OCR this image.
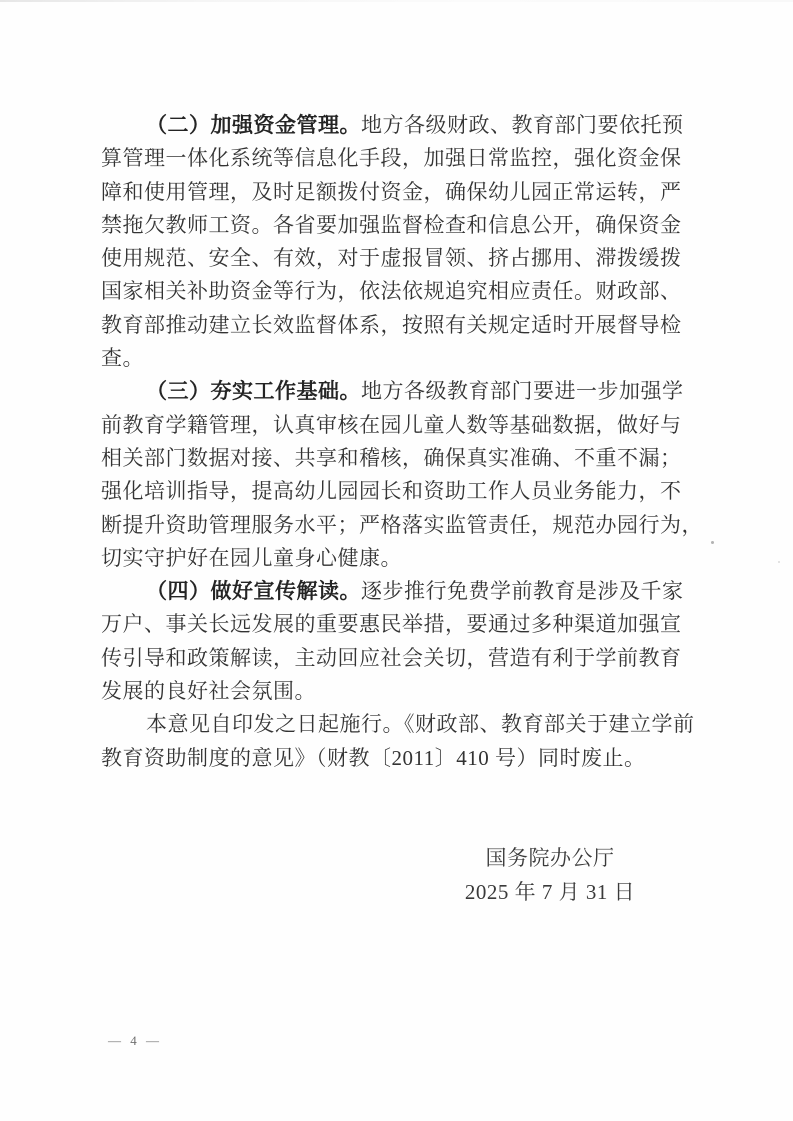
（二）加强资金管理。地方各级财政、教育部门要依托预
算管理一体化系统等信息化手段，加强日常监控，强化资金保
障和使用管理，及时足额拨付资金，确保幼儿园正常运转，严
禁拖欠教师工资。各省要加强监督检查和信息公开，确保资金
使用规范、安全、有效，对于虚报冒领、挤占挪用、滞拨缓拨
国家相关补助资金等行为，依法依规追究相应责任。财政部、
教育部推动建立长效监督体系，按照有关规定适时开展督导检
查。
（三）夯实工作基础。地方各级教育部门要进一步加强学
前教育学籍管理，认真审核在园儿童人数等基础数据，做好与
相关部门数据对接、共享和稽核，确保真实准确、不重不漏；
强化培训指导，提高幼儿园园长和资助工作人员业务能力，不
断提升资助管理服务水平；严格落实监管责任，规范办园行为，
切实守护好在园儿童身心健康。
（四）做好宣传解读。逐步推行免费学前教育是涉及千家
万户、事关长远发展的重要惠民举措，要通过多种渠道加强宣
传引导和政策解读，主动回应社会关切，营造有利于学前教育
发展的良好社会氛围。
本意见自印发之日起施行。《财政部、教育部关于建立学前
教育资助制度的意见》（财教〔2011〕410 号）同时废止。
国务院办公厅
2025 年 7 月 31 日
— 4 —
